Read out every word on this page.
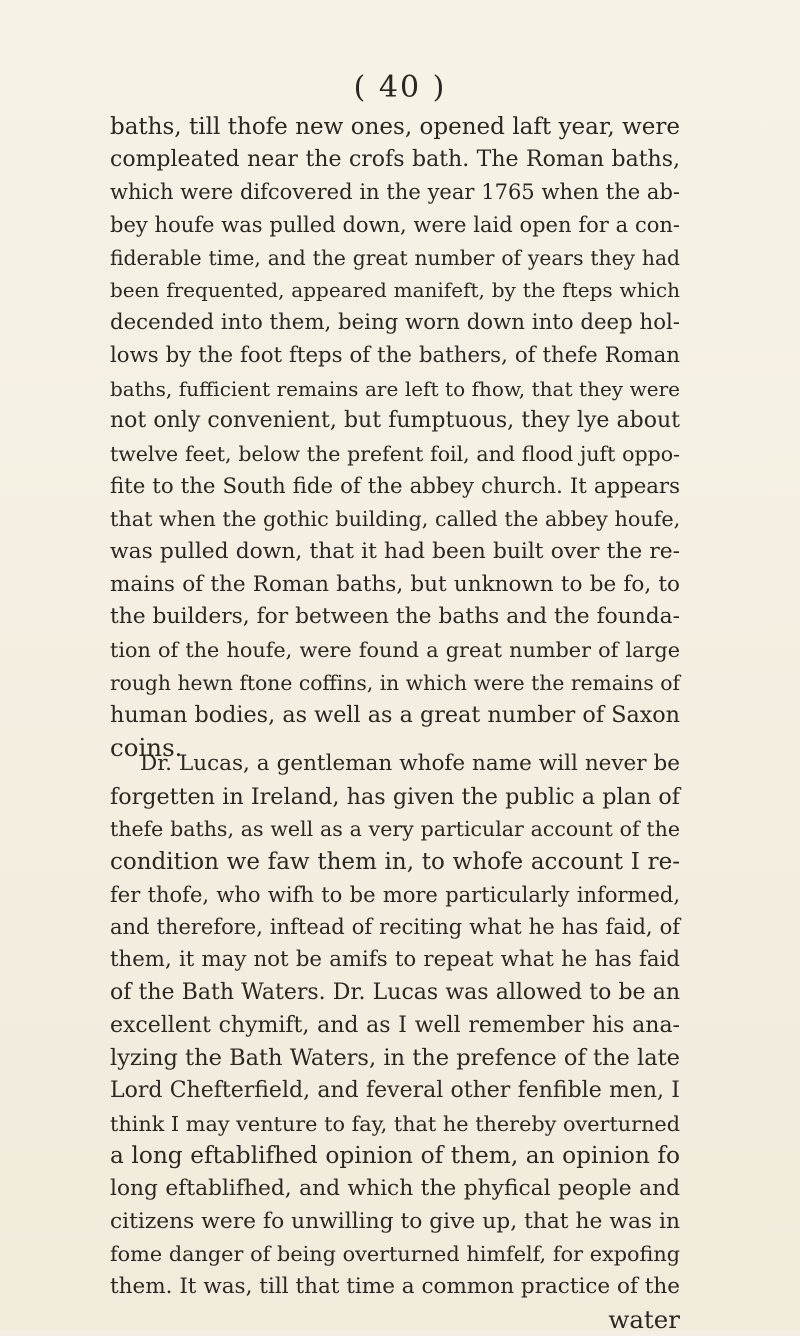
( 40 )
baths, till thofe new ones, opened laft year, were
compleated near the crofs bath. The Roman baths,
which were difcovered in the year 1765 when the ab-
bey houfe was pulled down, were laid open for a con-
fiderable time, and the great number of years they had
been frequented, appeared manifeft, by the fteps which
decended into them, being worn down into deep hol-
lows by the foot fteps of the bathers, of thefe Roman
baths, fufficient remains are left to fhow, that they were
not only convenient, but fumptuous, they lye about
twelve feet, below the prefent foil, and flood juft oppo-
fite to the South fide of the abbey church. It appears
that when the gothic building, called the abbey houfe,
was pulled down, that it had been built over the re-
mains of the Roman baths, but unknown to be fo, to
the builders, for between the baths and the founda-
tion of the houfe, were found a great number of large
rough hewn ftone coffins, in which were the remains of
human bodies, as well as a great number of Saxon
coins.
Dr. Lucas, a gentleman whofe name will never be
forgetten in Ireland, has given the public a plan of
thefe baths, as well as a very particular account of the
condition we faw them in, to whofe account I re-
fer thofe, who wifh to be more particularly informed,
and therefore, inftead of reciting what he has faid, of
them, it may not be amifs to repeat what he has faid
of the Bath Waters. Dr. Lucas was allowed to be an
excellent chymift, and as I well remember his ana-
lyzing the Bath Waters, in the prefence of the late
Lord Chefterfield, and feveral other fenfible men, I
think I may venture to fay, that he thereby overturned
a long eftablifhed opinion of them, an opinion fo
long eftablifhed, and which the phyfical people and
citizens were fo unwilling to give up, that he was in
fome danger of being overturned himfelf, for expofing
them. It was, till that time a common practice of the
water
